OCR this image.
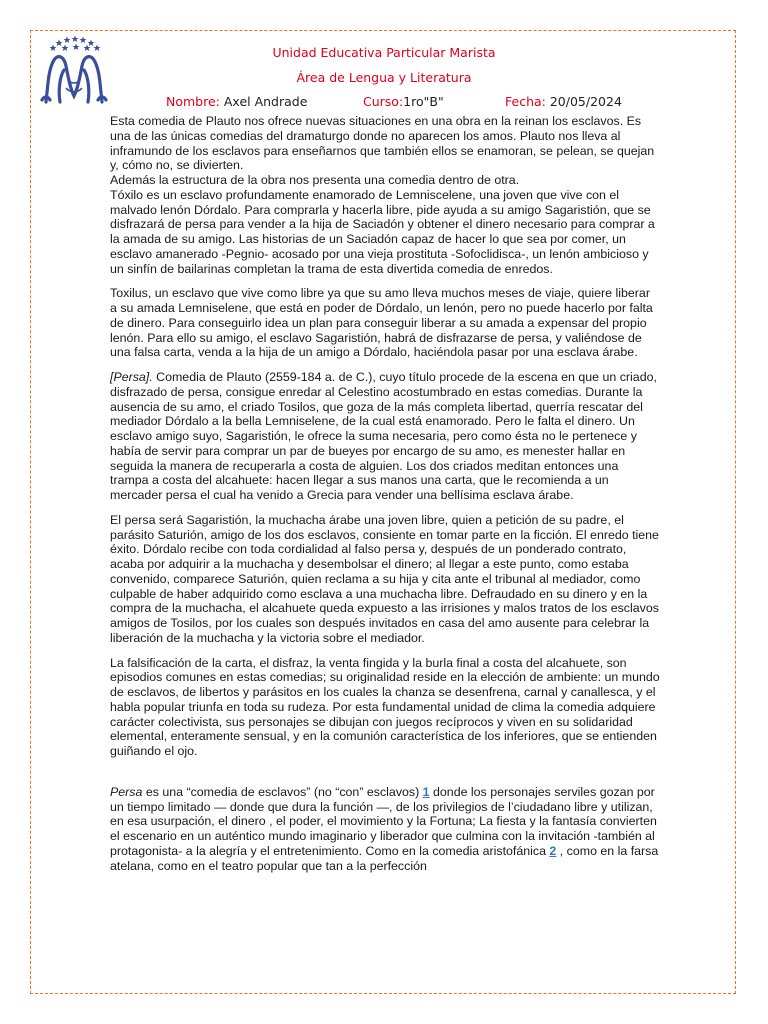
Unidad Educativa Particular Marista
Área de Lengua y Literatura
Nombre: Axel Andrade	Curso:1ro"B"	Fecha: 20/05/2024

Esta comedia de Plauto nos ofrece nuevas situaciones en una obra en la reinan los esclavos. Es una de las únicas comedias del dramaturgo donde no aparecen los amos. Plauto nos lleva al inframundo de los esclavos para enseñarnos que también ellos se enamoran, se pelean, se quejan y, cómo no, se divierten.

Además la estructura de la obra nos presenta una comedia dentro de otra.

Tóxilo es un esclavo profundamente enamorado de Lemniscelene, una joven que vive con el malvado lenón Dórdalo. Para comprarla y hacerla libre, pide ayuda a su amigo Sagaristión, que se disfrazará de persa para vender a la hija de Saciadón y obtener el dinero necesario para comprar a la amada de su amigo. Las historias de un Saciadón capaz de hacer lo que sea por comer, un esclavo amanerado -Pegnio- acosado por una vieja prostituta -Sofoclidisca-, un lenón ambicioso y un sinfín de bailarinas completan la trama de esta divertida comedia de enredos.

Toxilus, un esclavo que vive como libre ya que su amo lleva muchos meses de viaje, quiere liberar a su amada Lemniselene, que está en poder de Dórdalo, un lenón, pero no puede hacerlo por falta de dinero. Para conseguirlo idea un plan para conseguir liberar a su amada a expensar del propio lenón. Para ello su amigo, el esclavo Sagaristión, habrá de disfrazarse de persa, y valiéndose de una falsa carta, venda a la hija de un amigo a Dórdalo, haciéndola pasar por una esclava árabe.

[Persa]. Comedia de Plauto (2559-184 a. de C.), cuyo título procede de la escena en que un criado, disfrazado de persa, consigue enredar al Celestino acostumbrado en estas comedias. Durante la ausencia de su amo, el criado Tosilos, que goza de la más completa libertad, querría rescatar del mediador Dórdalo a la bella Lemniselene, de la cual está enamorado. Pero le falta el dinero. Un esclavo amigo suyo, Sagaristión, le ofrece la suma necesaria, pero como ésta no le pertenece y había de servir para comprar un par de bueyes por encargo de su amo, es menester hallar en seguida la manera de recuperarla a costa de alguien. Los dos criados meditan entonces una trampa a costa del alcahuete: hacen llegar a sus manos una carta, que le recomienda a un mercader persa el cual ha venido a Grecia para vender una bellísima esclava árabe.

El persa será Sagaristión, la muchacha árabe una joven libre, quien a petición de su padre, el parásito Saturión, amigo de los dos esclavos, consiente en tomar parte en la ficción. El enredo tiene éxito. Dórdalo recibe con toda cordialidad al falso persa y, después de un ponderado contrato, acaba por adquirir a la muchacha y desembolsar el dinero; al llegar a este punto, como estaba convenido, comparece Saturión, quien reclama a su hija y cita ante el tribunal al mediador, como culpable de haber adquirido como esclava a una muchacha libre. Defraudado en su dinero y en la compra de la muchacha, el alcahuete queda expuesto a las irrisiones y malos tratos de los esclavos amigos de Tosilos, por los cuales son después invitados en casa del amo ausente para celebrar la liberación de la muchacha y la victoria sobre el mediador.

La falsificación de la carta, el disfraz, la venta fingida y la burla final a costa del alcahuete, son episodios comunes en estas comedias; su originalidad reside en la elección de ambiente: un mundo de esclavos, de libertos y parásitos en los cuales la chanza se desenfrena, carnal y canallesca, y el habla popular triunfa en toda su rudeza. Por esta fundamental unidad de clima la comedia adquiere carácter colectivista, sus personajes se dibujan con juegos recíprocos y viven en su solidaridad elemental, enteramente sensual, y en la comunión característica de los inferiores, que se entienden guiñando el ojo.

Persa es una “comedia de esclavos” (no “con” esclavos) 1 donde los personajes serviles gozan por un tiempo limitado — donde que dura la función —, de los privilegios de l’ciudadano libre y utilizan, en esa usurpación, el dinero , el poder, el movimiento y la Fortuna; La fiesta y la fantasía convierten el escenario en un auténtico mundo imaginario y liberador que culmina con la invitación -también al protagonista- a la alegría y el entretenimiento. Como en la comedia aristofánica 2 , como en la farsa atelana, como en el teatro popular que tan a la perfección
